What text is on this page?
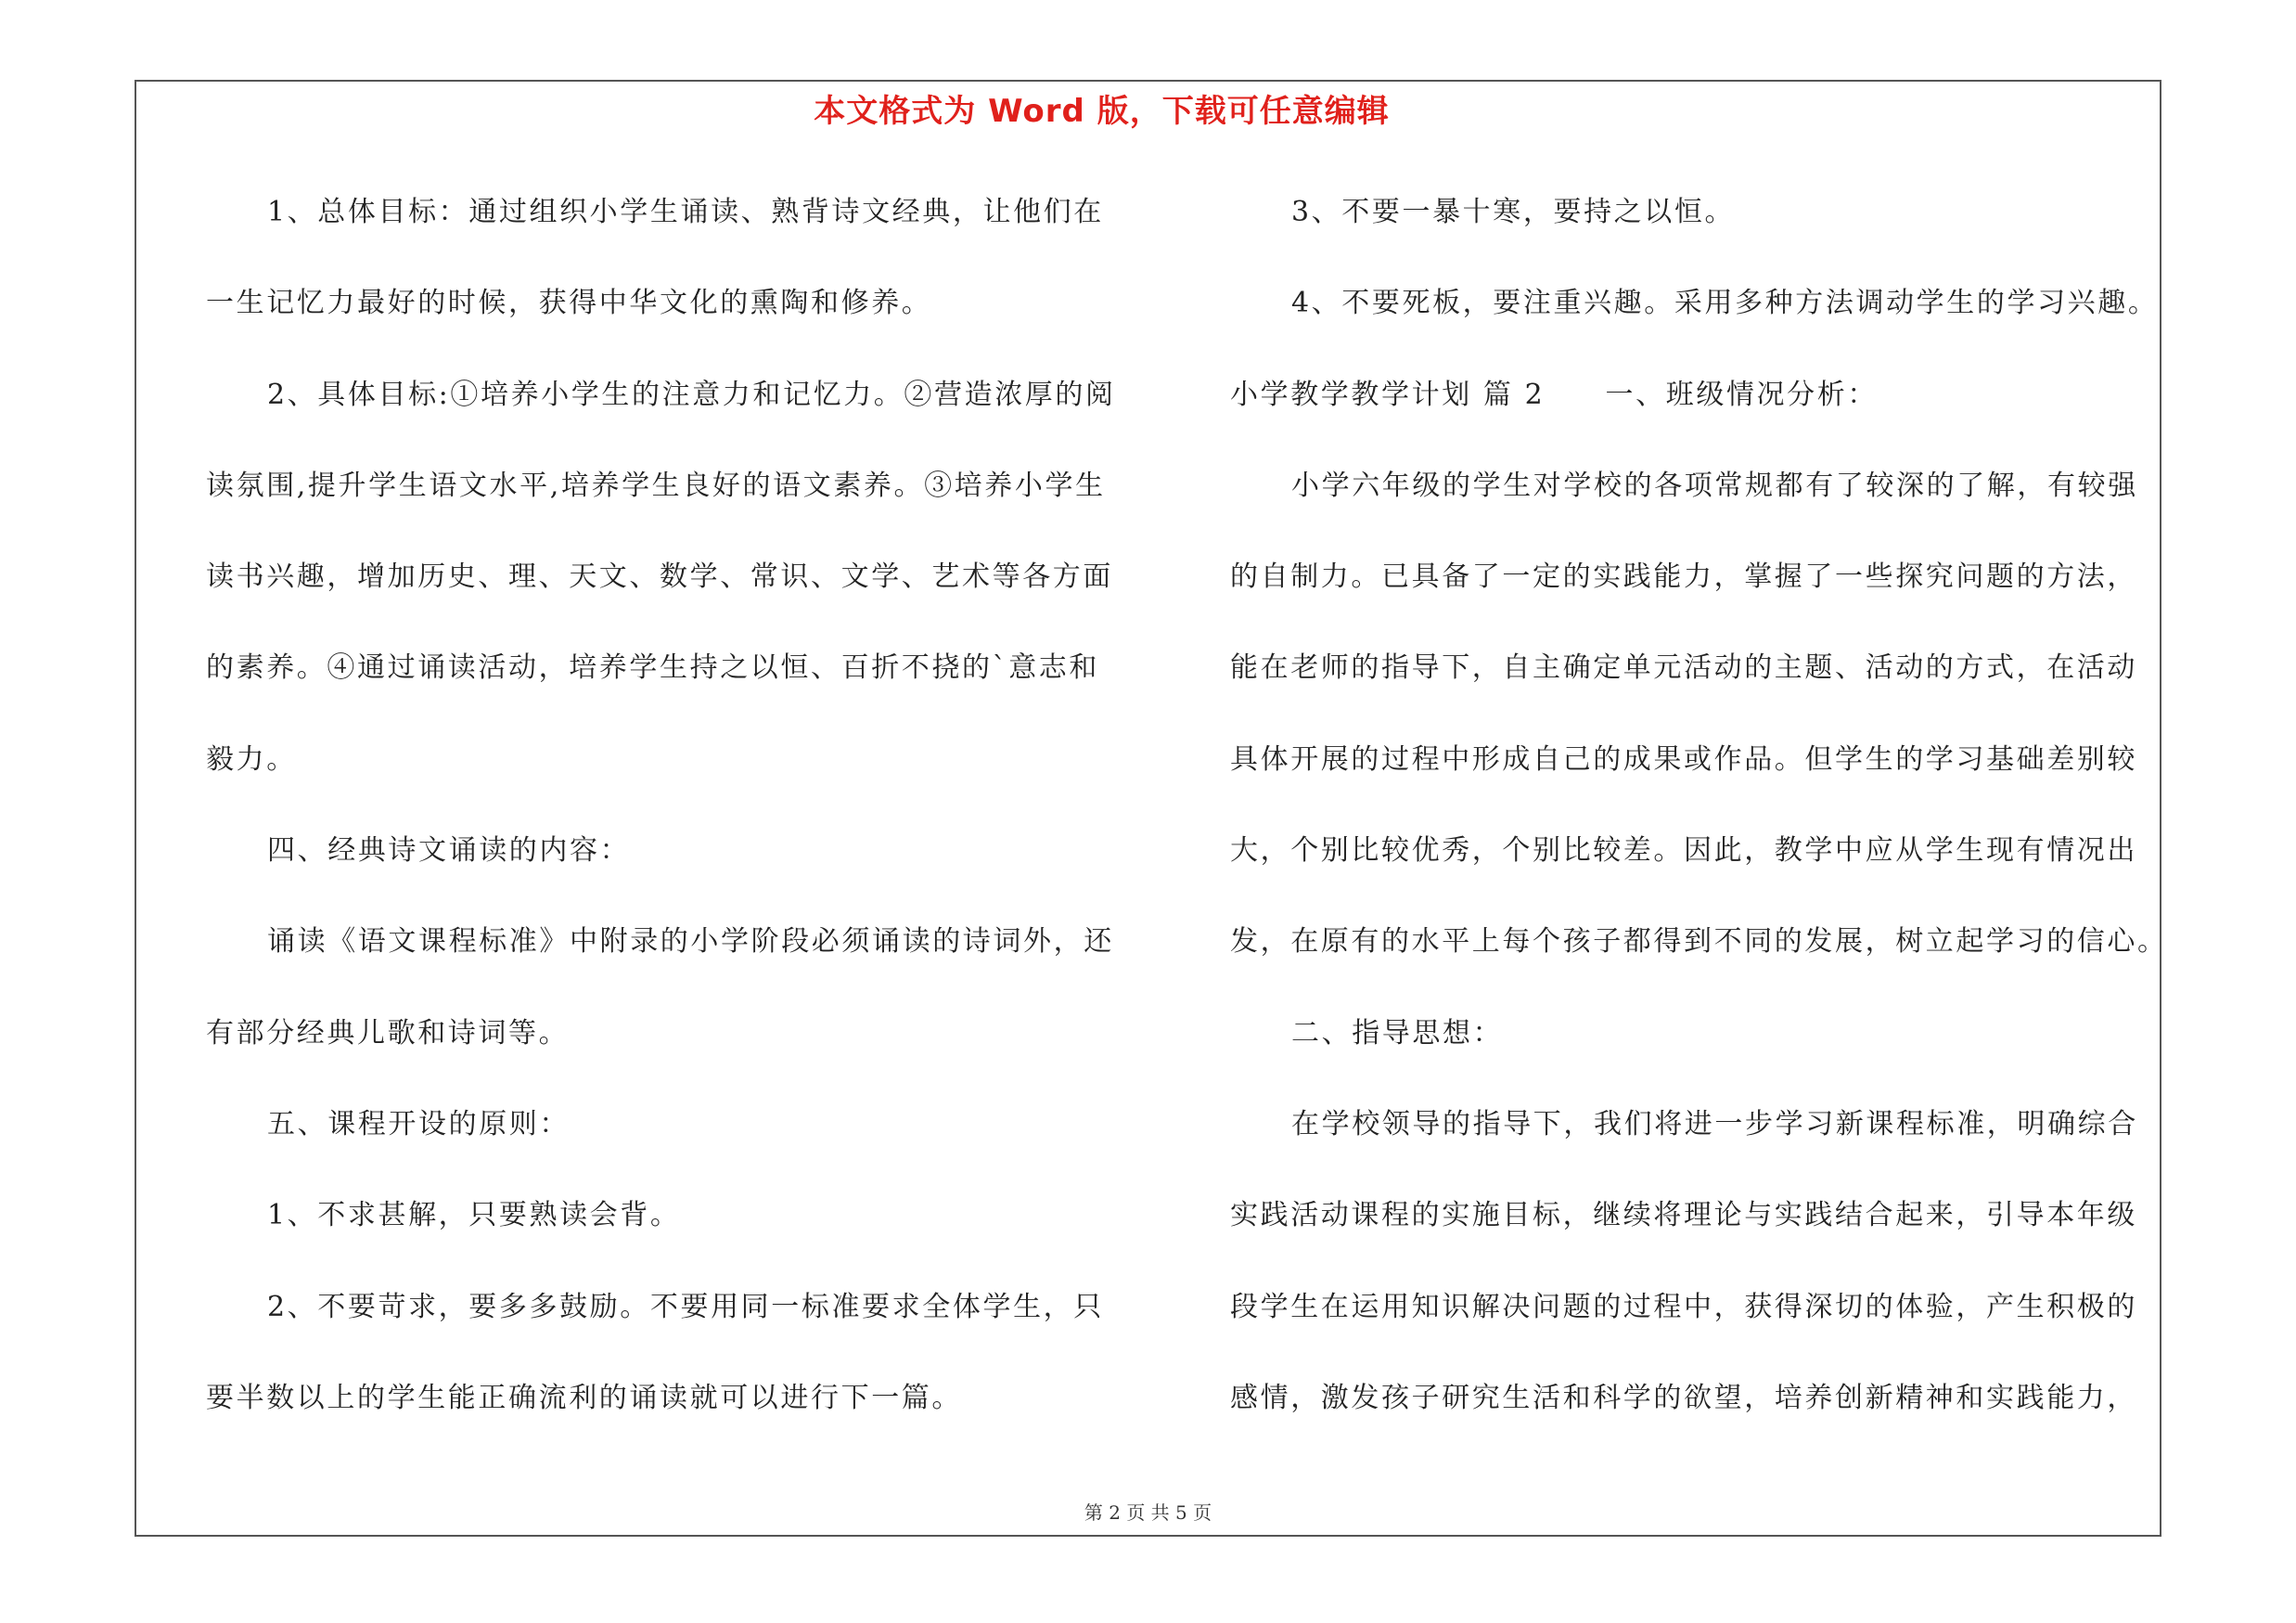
本文格式为 Word 版，下载可任意编辑
1、总体目标：通过组织小学生诵读、熟背诗文经典，让他们在
一生记忆力最好的时候，获得中华文化的熏陶和修养。
2、具体目标:①培养小学生的注意力和记忆力。②营造浓厚的阅
读氛围,提升学生语文水平,培养学生良好的语文素养。③培养小学生
读书兴趣，增加历史、理、天文、数学、常识、文学、艺术等各方面
的素养。④通过诵读活动，培养学生持之以恒、百折不挠的`意志和
毅力。
四、经典诗文诵读的内容：
诵读《语文课程标准》中附录的小学阶段必须诵读的诗词外，还
有部分经典儿歌和诗词等。
五、课程开设的原则：
1、不求甚解，只要熟读会背。
2、不要苛求，要多多鼓励。不要用同一标准要求全体学生，只
要半数以上的学生能正确流利的诵读就可以进行下一篇。
3、不要一暴十寒，要持之以恒。
4、不要死板，要注重兴趣。采用多种方法调动学生的学习兴趣。
小学教学教学计划 篇 2　　一、班级情况分析：
小学六年级的学生对学校的各项常规都有了较深的了解，有较强
的自制力。已具备了一定的实践能力，掌握了一些探究问题的方法，
能在老师的指导下，自主确定单元活动的主题、活动的方式，在活动
具体开展的过程中形成自己的成果或作品。但学生的学习基础差别较
大，个别比较优秀，个别比较差。因此，教学中应从学生现有情况出
发，在原有的水平上每个孩子都得到不同的发展，树立起学习的信心。
二、指导思想：
在学校领导的指导下，我们将进一步学习新课程标准，明确综合
实践活动课程的实施目标，继续将理论与实践结合起来，引导本年级
段学生在运用知识解决问题的过程中，获得深切的体验，产生积极的
感情，激发孩子研究生活和科学的欲望，培养创新精神和实践能力，
第 2 页 共 5 页
